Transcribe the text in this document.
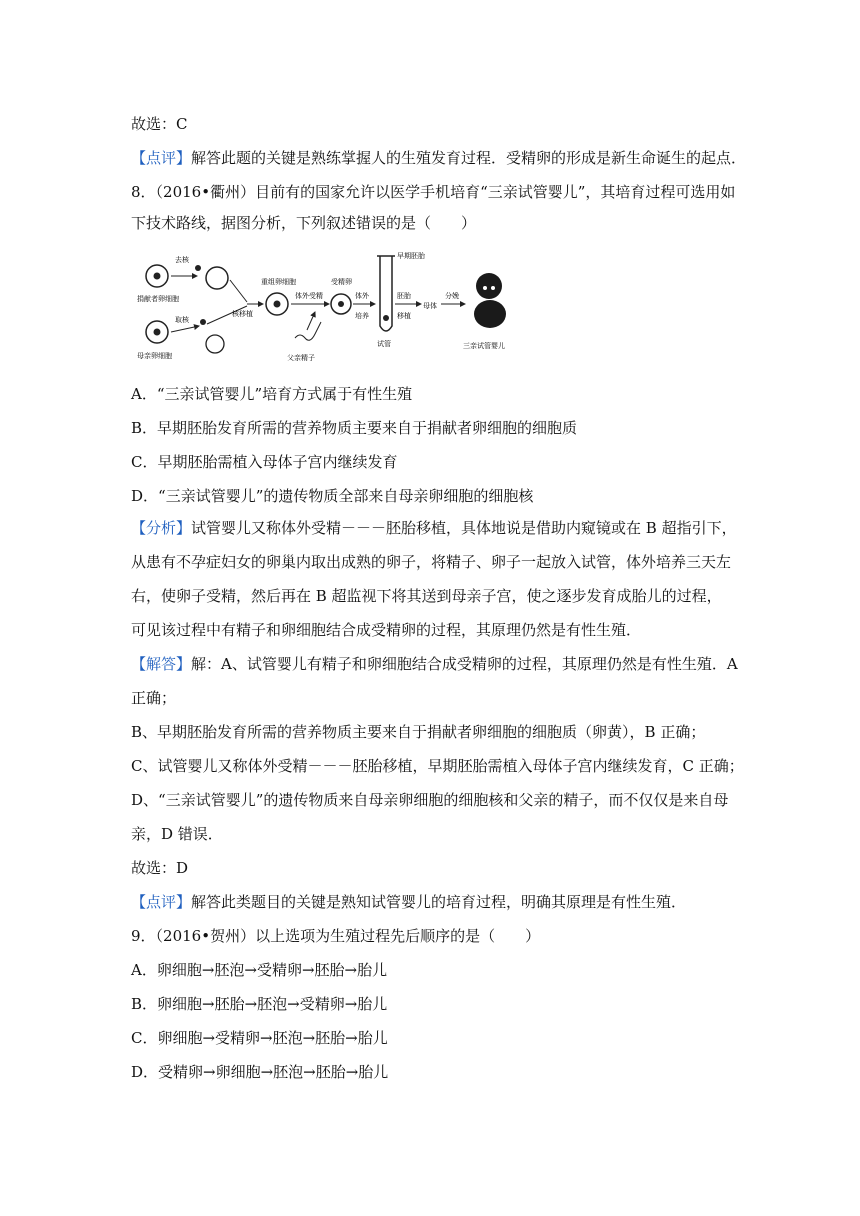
故选：C
【点评】解答此题的关键是熟练掌握人的生殖发育过程．受精卵的形成是新生命诞生的起点．
8．（2016•衢州）目前有的国家允许以医学手机培育“三亲试管婴儿”，其培育过程可选用如
下技术路线，据图分析，下列叙述错误的是（　　）
捐献者卵细胞
去核
母亲卵细胞
取核
核移植
重组卵细胞
体外受精
父亲精子
受精卵
体外
培养
早期胚胎
试管
胚胎
移植
母体
分娩
三亲试管婴儿
A．“三亲试管婴儿”培育方式属于有性生殖
B．早期胚胎发育所需的营养物质主要来自于捐献者卵细胞的细胞质
C．早期胚胎需植入母体子宫内继续发育
D．“三亲试管婴儿”的遗传物质全部来自母亲卵细胞的细胞核
【分析】试管婴儿又称体外受精－－－胚胎移植，具体地说是借助内窥镜或在 B 超指引下，
从患有不孕症妇女的卵巢内取出成熟的卵子，将精子、卵子一起放入试管，体外培养三天左
右，使卵子受精，然后再在 B 超监视下将其送到母亲子宫，使之逐步发育成胎儿的过程，
可见该过程中有精子和卵细胞结合成受精卵的过程，其原理仍然是有性生殖．
【解答】解：A、试管婴儿有精子和卵细胞结合成受精卵的过程，其原理仍然是有性生殖．A
正确；
B、早期胚胎发育所需的营养物质主要来自于捐献者卵细胞的细胞质（卵黄），B 正确；
C、试管婴儿又称体外受精－－－胚胎移植，早期胚胎需植入母体子宫内继续发育，C 正确；
D、“三亲试管婴儿”的遗传物质来自母亲卵细胞的细胞核和父亲的精子，而不仅仅是来自母
亲，D 错误．
故选：D
【点评】解答此类题目的关键是熟知试管婴儿的培育过程，明确其原理是有性生殖．
9．（2016•贺州）以上选项为生殖过程先后顺序的是（　　）
A．卵细胞→胚泡→受精卵→胚胎→胎儿
B．卵细胞→胚胎→胚泡→受精卵→胎儿
C．卵细胞→受精卵→胚泡→胚胎→胎儿
D．受精卵→卵细胞→胚泡→胚胎→胎儿
